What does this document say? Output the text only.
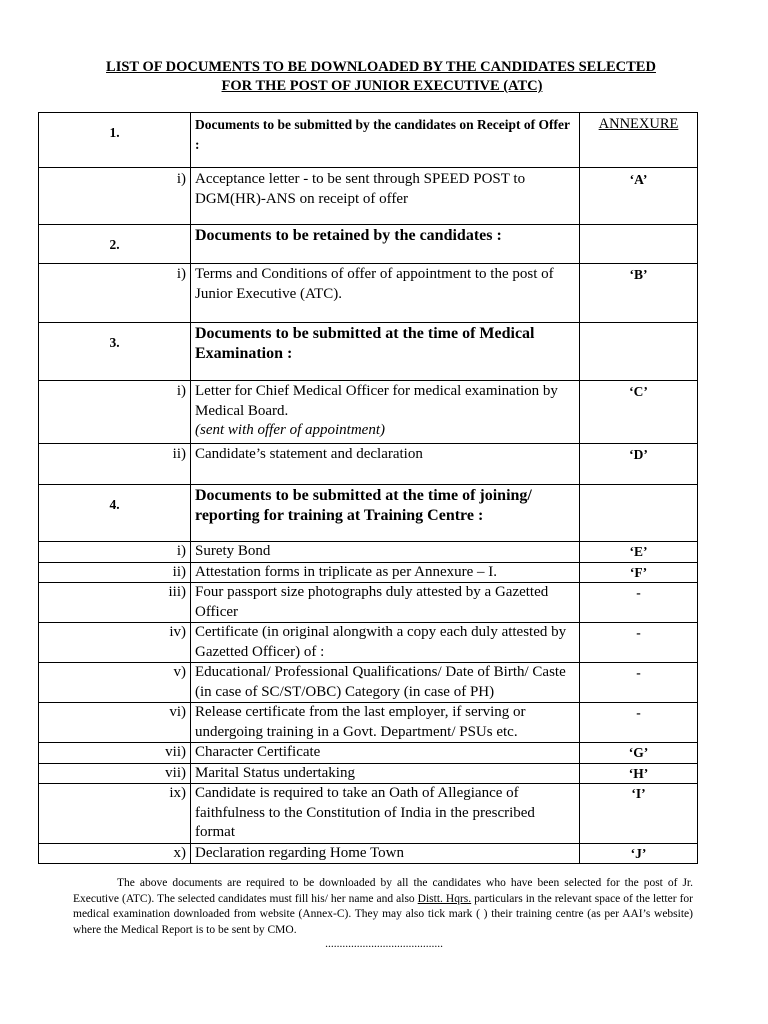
LIST OF DOCUMENTS TO BE DOWNLOADED BY THE CANDIDATES SELECTED
FOR THE POST OF JUNIOR EXECUTIVE (ATC)
1.	Documents to be submitted by the candidates on Receipt of Offer :	ANNEXURE
i)	Acceptance letter - to be sent through SPEED POST to DGM(HR)-ANS on receipt of offer	‘A’
2.	Documents to be retained by the candidates :	
i)	Terms and Conditions of offer of appointment to the post of Junior Executive (ATC).	‘B’
3.	Documents to be submitted at the time of Medical Examination :	
i)	Letter for Chief Medical Officer for medical examination by Medical Board.
(sent with offer of appointment)	‘C’
ii)	Candidate’s statement and declaration	‘D’
4.	Documents to be submitted at the time of joining/ reporting for training at Training Centre :	
i)	Surety Bond	‘E’
ii)	Attestation forms in triplicate as per Annexure – I.	‘F’
iii)	Four passport size photographs duly attested by a Gazetted Officer	-
iv)	Certificate (in original alongwith a copy each duly attested by Gazetted Officer) of :	-
v)	Educational/ Professional Qualifications/ Date of Birth/ Caste (in case of SC/ST/OBC) Category (in case of PH)	-
vi)	Release certificate from the last employer, if serving or undergoing training in a Govt. Department/ PSUs etc.	-
vii)	Character Certificate	‘G’
vii)	Marital Status undertaking	‘H’
ix)	Candidate is required to take an Oath of Allegiance of faithfulness to the Constitution of India in the prescribed format	‘I’
x)	Declaration regarding Home Town	‘J’
The above documents are required to be downloaded by all the candidates who have been selected for the post of Jr. Executive (ATC). The selected candidates must fill his/ her name and also Distt. Hqrs. particulars in the relevant space of the letter for medical examination downloaded from website (Annex-C). They may also tick mark ( ) their training centre (as per AAI’s website) where the Medical Report is to be sent by CMO.
.........................................
